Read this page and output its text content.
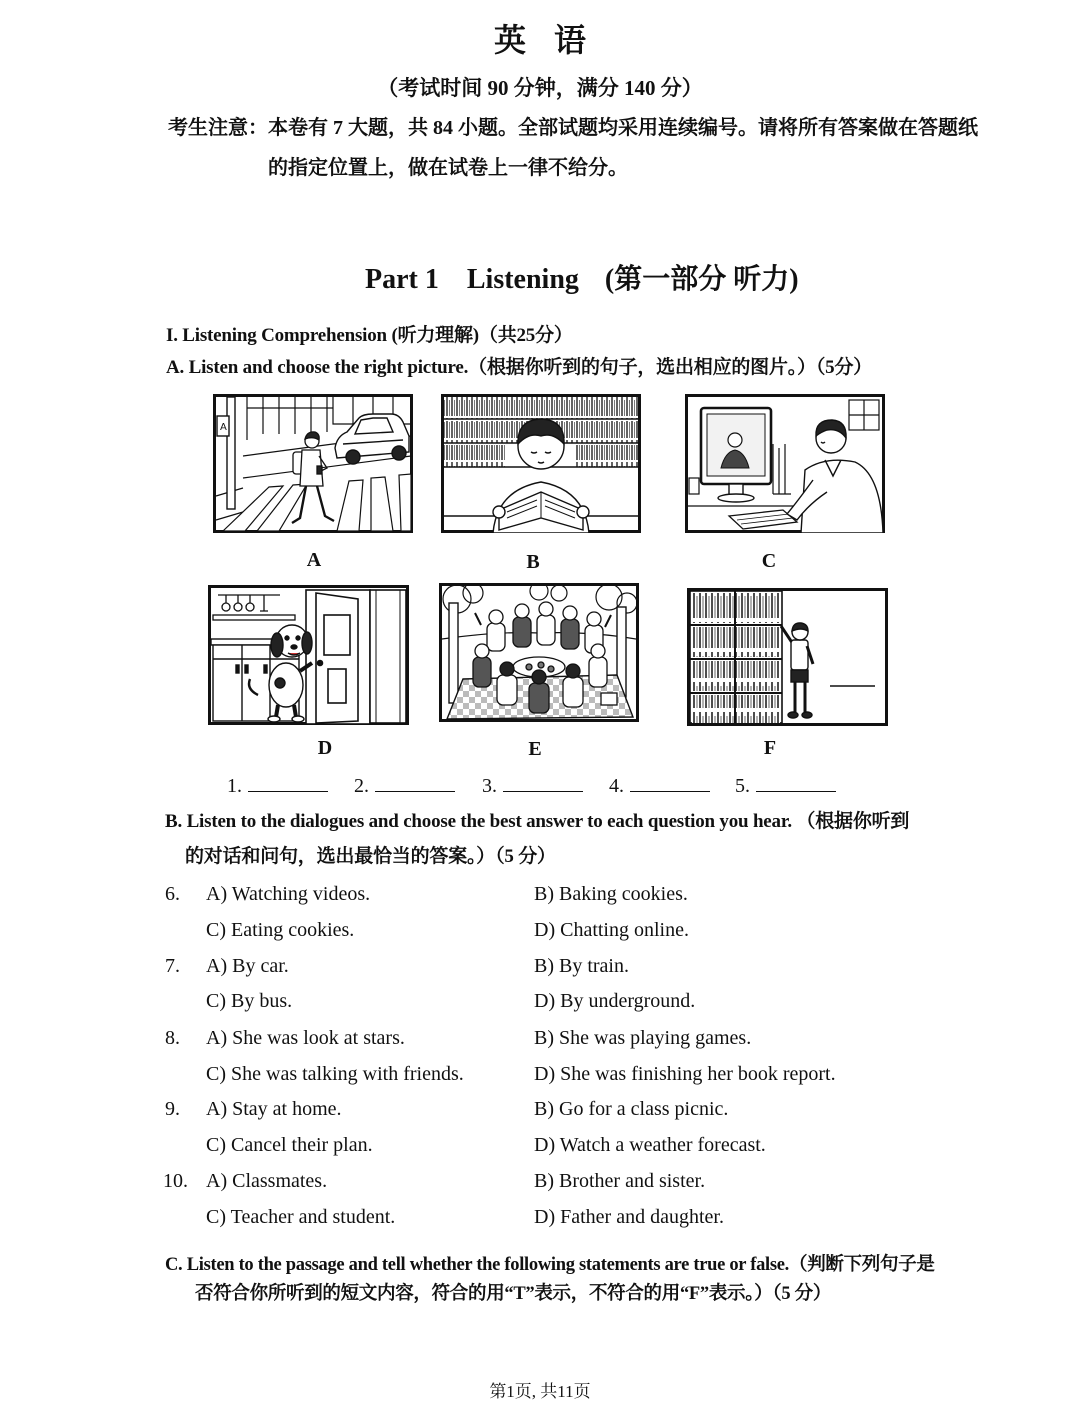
英 语
（考试时间 90 分钟，满分 140 分）
考生注意：本卷有 7 大题，共 84 小题。全部试题均采用连续编号。请将所有答案做在答题纸
的指定位置上，做在试卷上一律不给分。
Part 1 Listening (第一部分 听力)
I. Listening Comprehension (听力理解)（共25分）
A. Listen and choose the right picture.（根据你听到的句子，选出相应的图片。）（5分）
A
A	B	C
D	E	F
1.	2.	3.	4.	5.
B. Listen to the dialogues and choose the best answer to each question you hear. （根据你听到
的对话和问句，选出最恰当的答案。）（5 分）
6. A) Watching videos.	B) Baking cookies.
C) Eating cookies.	D) Chatting online.
7. A) By car.	B) By train.
C) By bus.	D) By underground.
8. A) She was look at stars.	B) She was playing games.
C) She was talking with friends.	D) She was finishing her book report.
9. A) Stay at home.	B) Go for a class picnic.
C) Cancel their plan.	D) Watch a weather forecast.
10. A) Classmates.	B) Brother and sister.
C) Teacher and student.	D) Father and daughter.
C. Listen to the passage and tell whether the following statements are true or false.（判断下列句子是
否符合你所听到的短文内容，符合的用“T”表示，不符合的用“F”表示。）（5 分）
第1页, 共11页
